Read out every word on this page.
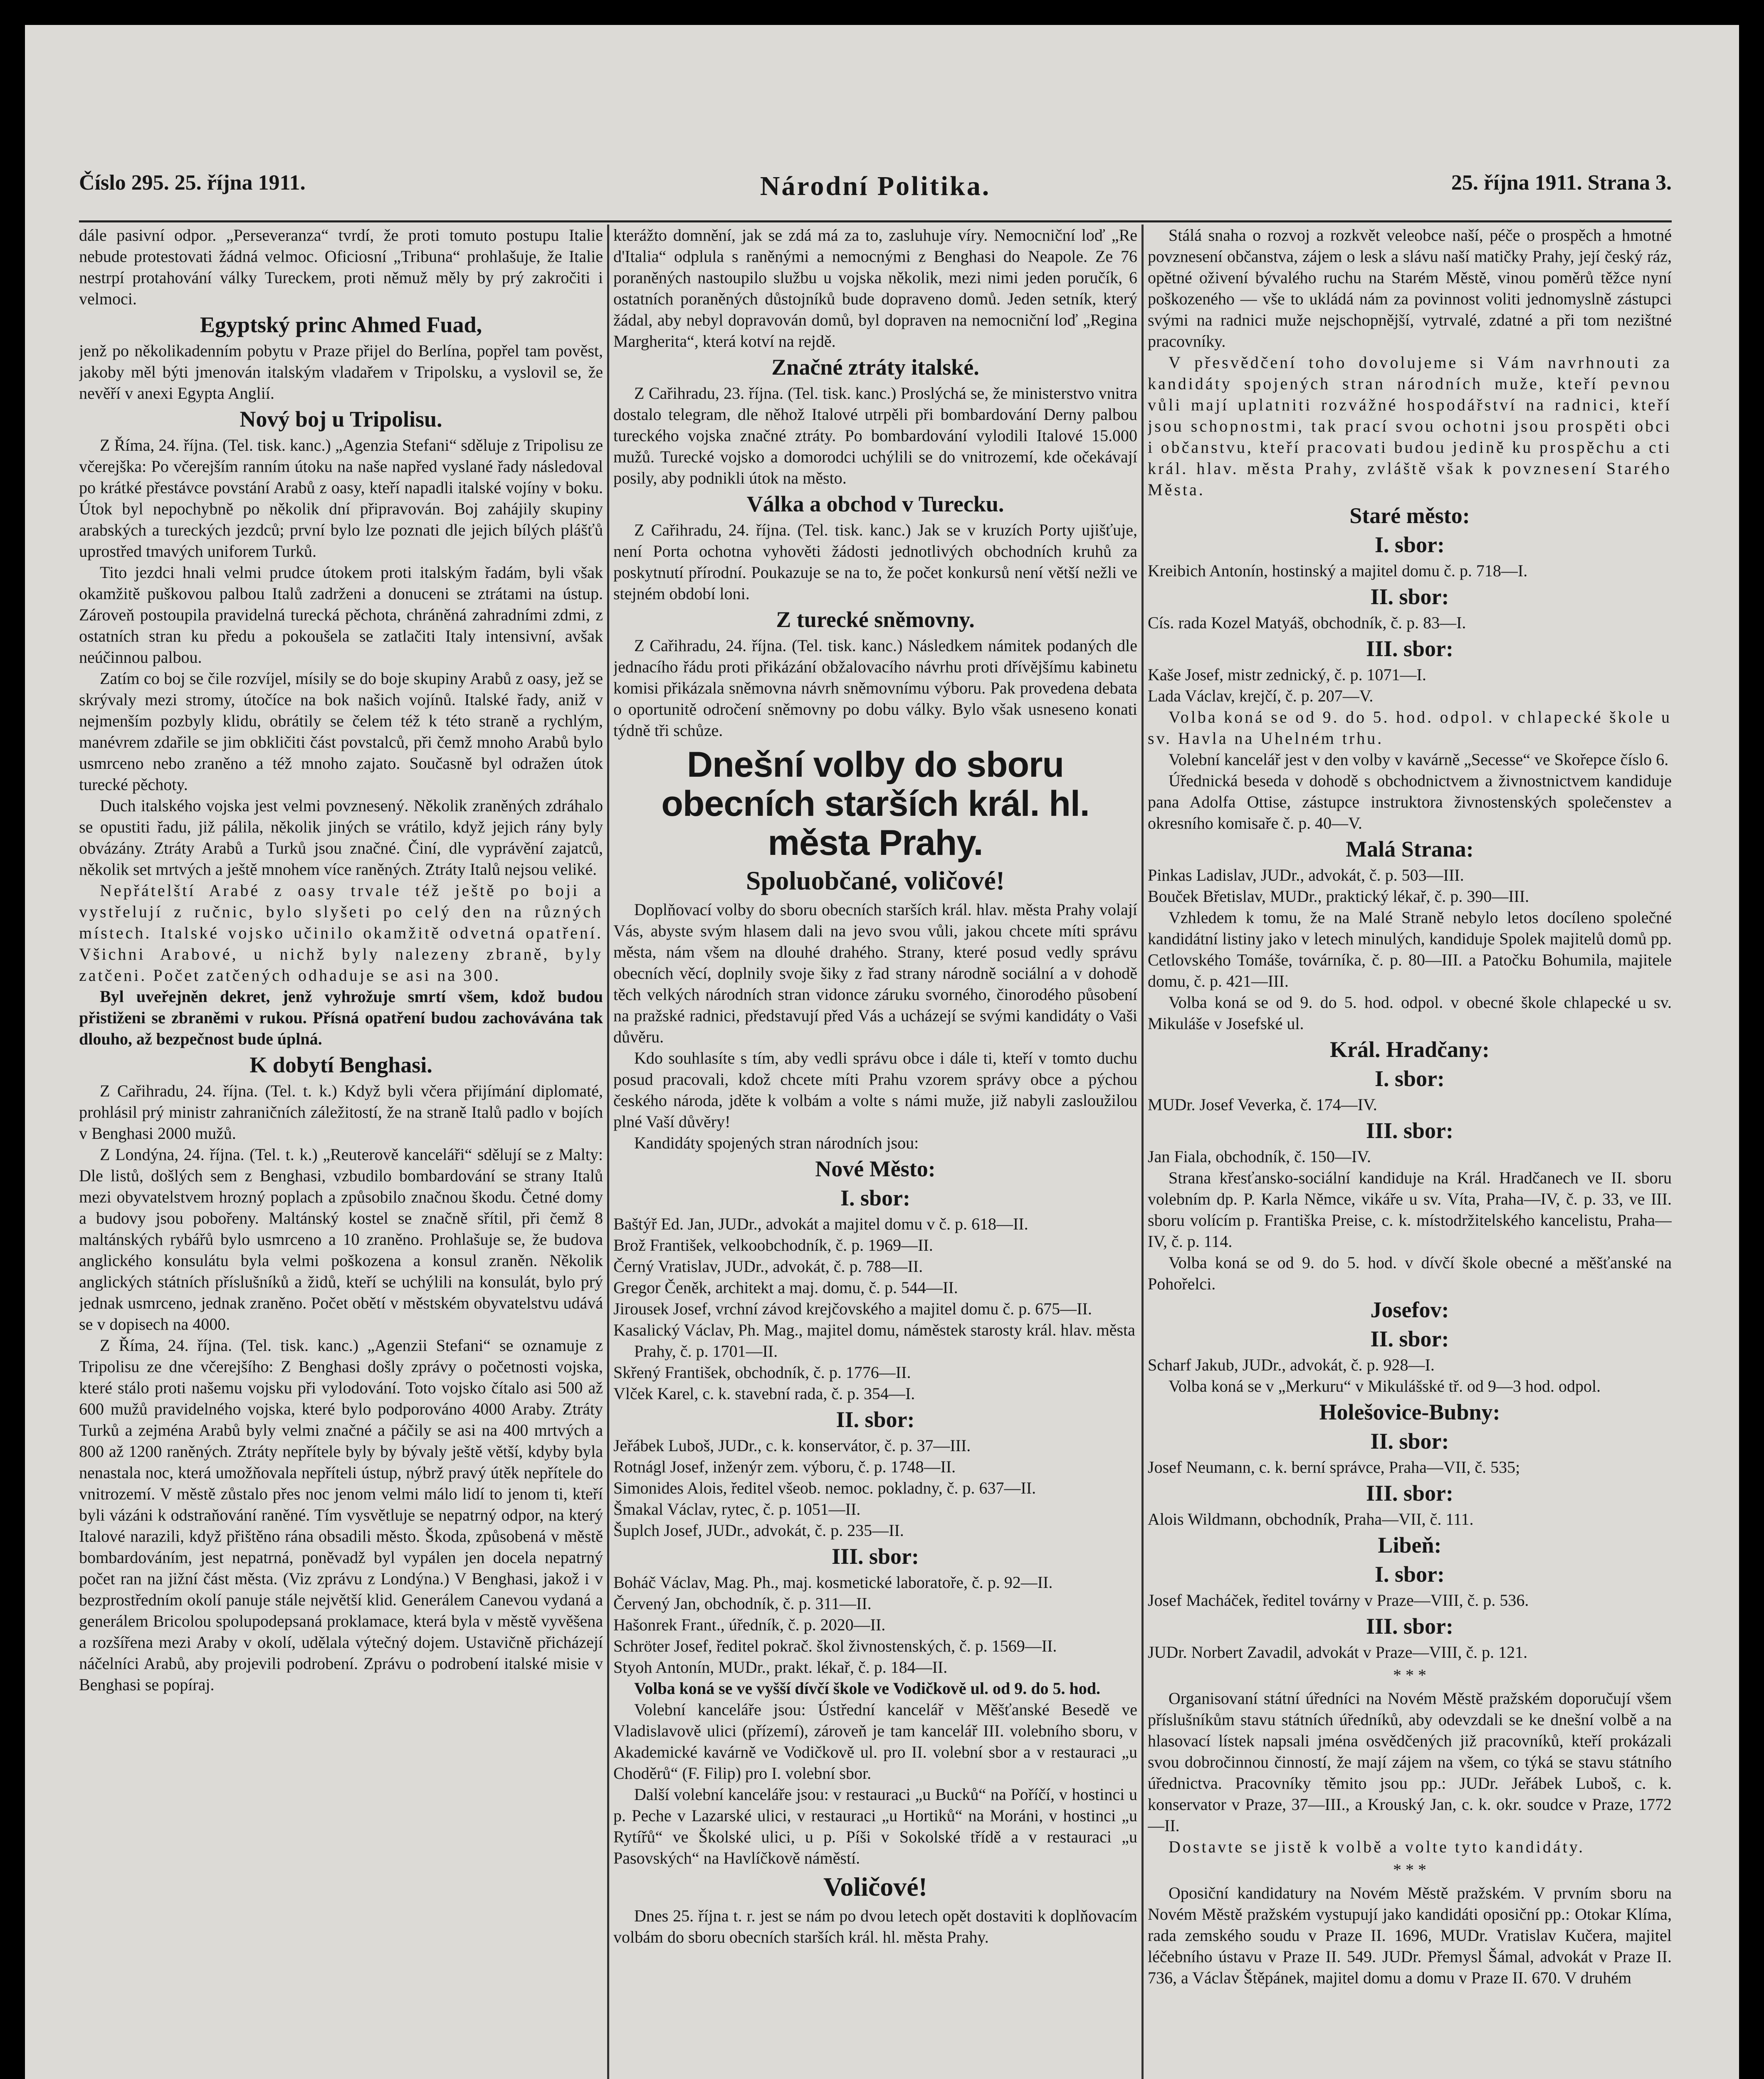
Číslo 295. 25. října 1911.	Národní Politika.	25. října 1911. Strana 3.

dále pasivní odpor. „Perseveranza“ tvrdí, že proti tomuto postupu Italie nebude protestovati žádná velmoc. Oficiosní „Tribuna“ prohlašuje, že Italie nestrpí protahování války Tureckem, proti němuž měly by prý zakročiti i velmoci.

Egyptský princ Ahmed Fuad,

jenž po několikadenním pobytu v Praze přijel do Berlína, popřel tam pověst, jakoby měl býti jmenován italským vladařem v Tripolsku, a vyslovil se, že nevěří v anexi Egypta Anglií.

Nový boj u Tripolisu.

Z Říma, 24. října. (Tel. tisk. kanc.) „Agenzia Stefani“ sděluje z Tripolisu ze včerejška: Po včerejším ranním útoku na naše napřed vyslané řady následoval po krátké přestávce povstání Arabů z oasy, kteří napadli italské vojíny v boku. Útok byl nepochybně po několik dní připravován. Boj zahájily skupiny arabských a tureckých jezdců; první bylo lze poznati dle jejich bílých plášťů uprostřed tmavých uniforem Turků.

Tito jezdci hnali velmi prudce útokem proti italským řadám, byli však okamžitě puškovou palbou Italů zadrženi a donuceni se ztrátami na ústup. Zároveň postoupila pravidelná turecká pěchota, chráněná zahradními zdmi, z ostatních stran ku předu a pokoušela se zatlačiti Italy intensivní, avšak neúčinnou palbou.

Zatím co boj se čile rozvíjel, mísily se do boje skupiny Arabů z oasy, jež se skrývaly mezi stromy, útočíce na bok našich vojínů. Italské řady, aniž v nejmenším pozbyly klidu, obrátily se čelem též k této straně a rychlým, manévrem zdařile se jim obkličiti část povstalců, při čemž mnoho Arabů bylo usmrceno nebo zraněno a též mnoho zajato. Současně byl odražen útok turecké pěchoty.

Duch italského vojska jest velmi povznesený. Několik zraněných zdráhalo se opustiti řadu, již pálila, několik jiných se vrátilo, když jejich rány byly obvázány. Ztráty Arabů a Turků jsou značné. Činí, dle vyprávění zajatců, několik set mrtvých a ještě mnohem více raněných. Ztráty Italů nejsou veliké.

Nepřátelští Arabé z oasy trvale též ještě po boji a vystřelují z ručnic, bylo slyšeti po celý den na různých místech. Italské vojsko učinilo okamžitě odvetná opatření. Všichni Arabové, u nichž byly nalezeny zbraně, byly zatčeni. Počet zatčených odhaduje se asi na 300.

Byl uveřejněn dekret, jenž vyhrožuje smrtí všem, kdož budou přistiženi se zbraněmi v rukou. Přísná opatření budou zachovávána tak dlouho, až bezpečnost bude úplná.

K dobytí Benghasi.

Z Cařihradu, 24. října. (Tel. t. k.) Když byli včera přijímání diplomaté, prohlásil prý ministr zahraničních záležitostí, že na straně Italů padlo v bojích v Benghasi 2000 mužů.

Z Londýna, 24. října. (Tel. t. k.) „Reuterově kanceláři“ sdělují se z Malty: Dle listů, došlých sem z Benghasi, vzbudilo bombardování se strany Italů mezi obyvatelstvem hrozný poplach a způsobilo značnou škodu. Četné domy a budovy jsou pobořeny. Maltánský kostel se značně sřítil, při čemž 8 maltánských rybářů bylo usmrceno a 10 zraněno. Prohlašuje se, že budova anglického konsulátu byla velmi poškozena a konsul zraněn. Několik anglických státních příslušníků a židů, kteří se uchýlili na konsulát, bylo prý jednak usmrceno, jednak zraněno. Počet obětí v městském obyvatelstvu udává se v dopisech na 4000.

Z Říma, 24. října. (Tel. tisk. kanc.) „Agenzii Stefani“ se oznamuje z Tripolisu ze dne včerejšího: Z Benghasi došly zprávy o početnosti vojska, které stálo proti našemu vojsku při vylodování. Toto vojsko čítalo asi 500 až 600 mužů pravidelného vojska, které bylo podporováno 4000 Araby. Ztráty Turků a zejména Arabů byly velmi značné a páčily se asi na 400 mrtvých a 800 až 1200 raněných. Ztráty nepřítele byly by bývaly ještě větší, kdyby byla nenastala noc, která umožňovala nepříteli ústup, nýbrž pravý útěk nepřítele do vnitrozemí. V městě zůstalo přes noc jenom velmi málo lidí to jenom ti, kteří byli vázáni k odstraňování raněné. Tím vysvětluje se nepatrný odpor, na který Italové narazili, když přištěno rána obsadili město. Škoda, způsobená v městě bombardováním, jest nepatrná, poněvadž byl vypálen jen docela nepatrný počet ran na jižní část města. (Viz zprávu z Londýna.) V Benghasi, jakož i v bezprostředním okolí panuje stále největší klid. Generálem Canevou vydaná a generálem Bricolou spolupodepsaná proklamace, která byla v městě vyvěšena a rozšířena mezi Araby v okolí, udělala výtečný dojem. Ustavičně přicházejí náčelníci Arabů, aby projevili podrobení. Zprávu o podrobení italské misie v Benghasi se popíraj.

kterážto domnění, jak se zdá má za to, zasluhuje víry. Nemocniční loď „Re d'Italia“ odplula s raněnými a nemocnými z Benghasi do Neapole. Ze 76 poraněných nastoupilo službu u vojska několik, mezi nimi jeden poručík, 6 ostatních poraněných důstojníků bude dopraveno domů. Jeden setník, který žádal, aby nebyl dopravován domů, byl dopraven na nemocniční loď „Regina Margherita“, která kotví na rejdě.

Značné ztráty italské.

Z Cařihradu, 23. října. (Tel. tisk. kanc.) Proslýchá se, že ministerstvo vnitra dostalo telegram, dle něhož Italové utrpěli při bombardování Derny palbou tureckého vojska značné ztráty. Po bombardování vylodili Italové 15.000 mužů. Turecké vojsko a domorodci uchýlili se do vnitrozemí, kde očekávají posily, aby podnikli útok na město.

Válka a obchod v Turecku.

Z Cařihradu, 24. října. (Tel. tisk. kanc.) Jak se v kruzích Porty ujišťuje, není Porta ochotna vyhověti žádosti jednotlivých obchodních kruhů za poskytnutí přírodní. Poukazuje se na to, že počet konkursů není větší nežli ve stejném období loni.

Z turecké sněmovny.

Z Cařihradu, 24. října. (Tel. tisk. kanc.) Následkem námitek podaných dle jednacího řádu proti přikázání obžalovacího návrhu proti dřívějšímu kabinetu komisi přikázala sněmovna návrh sněmovnímu výboru. Pak provedena debata o oportunitě odročení sněmovny po dobu války. Bylo však usneseno konati týdně tři schůze.

Dnešní volby do sboru obecních starších král. hl. města Prahy.
Spoluobčané, voličové!

Doplňovací volby do sboru obecních starších král. hlav. města Prahy volají Vás, abyste svým hlasem dali na jevo svou vůli, jakou chcete míti správu města, nám všem na dlouhé drahého. Strany, které posud vedly správu obecních věcí, doplnily svoje šiky z řad strany národně sociální a v dohodě těch velkých národních stran vidonce záruku svorného, činorodého působení na pražské radnici, představují před Vás a ucházejí se svými kandidáty o Vaši důvěru.

Kdo souhlasíte s tím, aby vedli správu obce i dále ti, kteří v tomto duchu posud pracovali, kdož chcete míti Prahu vzorem správy obce a pýchou českého národa, jděte k volbám a volte s námi muže, již nabyli zasloužilou plné Vaší důvěry!

Kandidáty spojených stran národních jsou:

Nové Město:
I. sbor:

Baštýř Ed. Jan, JUDr., advokát a majitel domu v č. p. 618—II.

Brož František, velkoobchodník, č. p. 1969—II.

Černý Vratislav, JUDr., advokát, č. p. 788—II.

Gregor Čeněk, architekt a maj. domu, č. p. 544—II.

Jirousek Josef, vrchní závod krejčovského a majitel domu č. p. 675—II.

Kasalický Václav, Ph. Mag., majitel domu, náměstek starosty král. hlav. města Prahy, č. p. 1701—II.

Skřený František, obchodník, č. p. 1776—II.

Vlček Karel, c. k. stavební rada, č. p. 354—I.

II. sbor:

Jeřábek Luboš, JUDr., c. k. konservátor, č. p. 37—III.

Rotnágl Josef, inženýr zem. výboru, č. p. 1748—II.

Simonides Alois, ředitel všeob. nemoc. pokladny, č. p. 637—II.

Šmakal Václav, rytec, č. p. 1051—II.

Šuplch Josef, JUDr., advokát, č. p. 235—II.

III. sbor:

Boháč Václav, Mag. Ph., maj. kosmetické laboratoře, č. p. 92—II.

Červený Jan, obchodník, č. p. 311—II.

Hašonrek Frant., úředník, č. p. 2020—II.

Schröter Josef, ředitel pokrač. škol živnostenských, č. p. 1569—II.

Styoh Antonín, MUDr., prakt. lékař, č. p. 184—II.

Volba koná se ve vyšší dívčí škole ve Vodičkově ul. od 9. do 5. hod.

Volební kanceláře jsou: Ústřední kancelář v Měšťanské Besedě ve Vladislavově ulici (přízemí), zároveň je tam kancelář III. volebního sboru, v Akademické kavárně ve Vodičkově ul. pro II. volební sbor a v restauraci „u Choděrů“ (F. Filip) pro I. volební sbor.

Další volební kanceláře jsou: v restauraci „u Bucků“ na Poříčí, v hostinci u p. Peche v Lazarské ulici, v restauraci „u Hortiků“ na Moráni, v hostinci „u Rytířů“ ve Školské ulici, u p. Píši v Sokolské třídě a v restauraci „u Pasovských“ na Havlíčkově náměstí.

Voličové!

Dnes 25. října t. r. jest se nám po dvou letech opět dostaviti k doplňovacím volbám do sboru obecních starších král. hl. města Prahy.

Stálá snaha o rozvoj a rozkvět veleobce naší, péče o prospěch a hmotné povznesení občanstva, zájem o lesk a slávu naší matičky Prahy, její český ráz, opětné oživení bývalého ruchu na Starém Městě, vinou poměrů těžce nyní poškozeného — vše to ukládá nám za povinnost voliti jednomyslně zástupci svými na radnici muže nejschopnější, vytrvalé, zdatné a při tom nezištné pracovníky.

V přesvědčení toho dovolujeme si Vám navrhnouti za kandidáty spojených stran národních muže, kteří pevnou vůli mají uplatniti rozvážné hospodářství na radnici, kteří jsou schopnostmi, tak prací svou ochotni jsou prospěti obci i občanstvu, kteří pracovati budou jedině ku prospěchu a cti král. hlav. města Prahy, zvláště však k povznesení Starého Města.

Staré město:
I. sbor:

Kreibich Antonín, hostinský a majitel domu č. p. 718—I.

II. sbor:

Cís. rada Kozel Matyáš, obchodník, č. p. 83—I.

III. sbor:

Kaše Josef, mistr zednický, č. p. 1071—I.

Lada Václav, krejčí, č. p. 207—V.

Volba koná se od 9. do 5. hod. odpol. v chlapecké škole u sv. Havla na Uhelném trhu.

Volební kancelář jest v den volby v kavárně „Secesse“ ve Skořepce číslo 6.

Úřednická beseda v dohodě s obchodnictvem a živnostnictvem kandiduje pana Adolfa Ottise, zástupce instruktora živnostenských společenstev a okresního komisaře č. p. 40—V.

Malá Strana:

Pinkas Ladislav, JUDr., advokát, č. p. 503—III.

Bouček Břetislav, MUDr., praktický lékař, č. p. 390—III.

Vzhledem k tomu, že na Malé Straně nebylo letos docíleno společné kandidátní listiny jako v letech minulých, kandiduje Spolek majitelů domů pp. Cetlovského Tomáše, továrníka, č. p. 80—III. a Patočku Bohumila, majitele domu, č. p. 421—III.

Volba koná se od 9. do 5. hod. odpol. v obecné škole chlapecké u sv. Mikuláše v Josefské ul.

Král. Hradčany:
I. sbor:

MUDr. Josef Veverka, č. 174—IV.

III. sbor:

Jan Fiala, obchodník, č. 150—IV.

Strana křesťansko-sociální kandiduje na Král. Hradčanech ve II. sboru volebním dp. P. Karla Němce, vikáře u sv. Víta, Praha—IV, č. p. 33, ve III. sboru volícím p. Františka Preise, c. k. místodržitelského kancelistu, Praha—IV, č. p. 114.

Volba koná se od 9. do 5. hod. v dívčí škole obecné a měšťanské na Pohořelci.

Josefov:
II. sbor:

Scharf Jakub, JUDr., advokát, č. p. 928—I.

Volba koná se v „Merkuru“ v Mikulášské tř. od 9—3 hod. odpol.

Holešovice-Bubny:
II. sbor:

Josef Neumann, c. k. berní správce, Praha—VII, č. 535;

III. sbor:

Alois Wildmann, obchodník, Praha—VII, č. 111.

Libeň:
I. sbor:

Josef Macháček, ředitel továrny v Praze—VIII, č. p. 536.

III. sbor:

JUDr. Norbert Zavadil, advokát v Praze—VIII, č. p. 121.

* * *

Organisovaní státní úředníci na Novém Městě pražském doporučují všem příslušníkům stavu státních úředníků, aby odevzdali se ke dnešní volbě a na hlasovací lístek napsali jména osvědčených již pracovníků, kteří prokázali svou dobročinnou činností, že mají zájem na všem, co týká se stavu státního úřednictva. Pracovníky těmito jsou pp.: JUDr. Jeřábek Luboš, c. k. konservator v Praze, 37—III., a Krouský Jan, c. k. okr. soudce v Praze, 1772—II.

Dostavte se jistě k volbě a volte tyto kandidáty.

* * *

Oposiční kandidatury na Novém Městě pražském. V prvním sboru na Novém Městě pražském vystupují jako kandidáti oposiční pp.: Otokar Klíma, rada zemského soudu v Praze II. 1696, MUDr. Vratislav Kučera, majitel léčebního ústavu v Praze II. 549. JUDr. Přemysl Šámal, advokát v Praze II. 736, a Václav Štěpánek, majitel domu a domu v Praze II. 670. V druhém
